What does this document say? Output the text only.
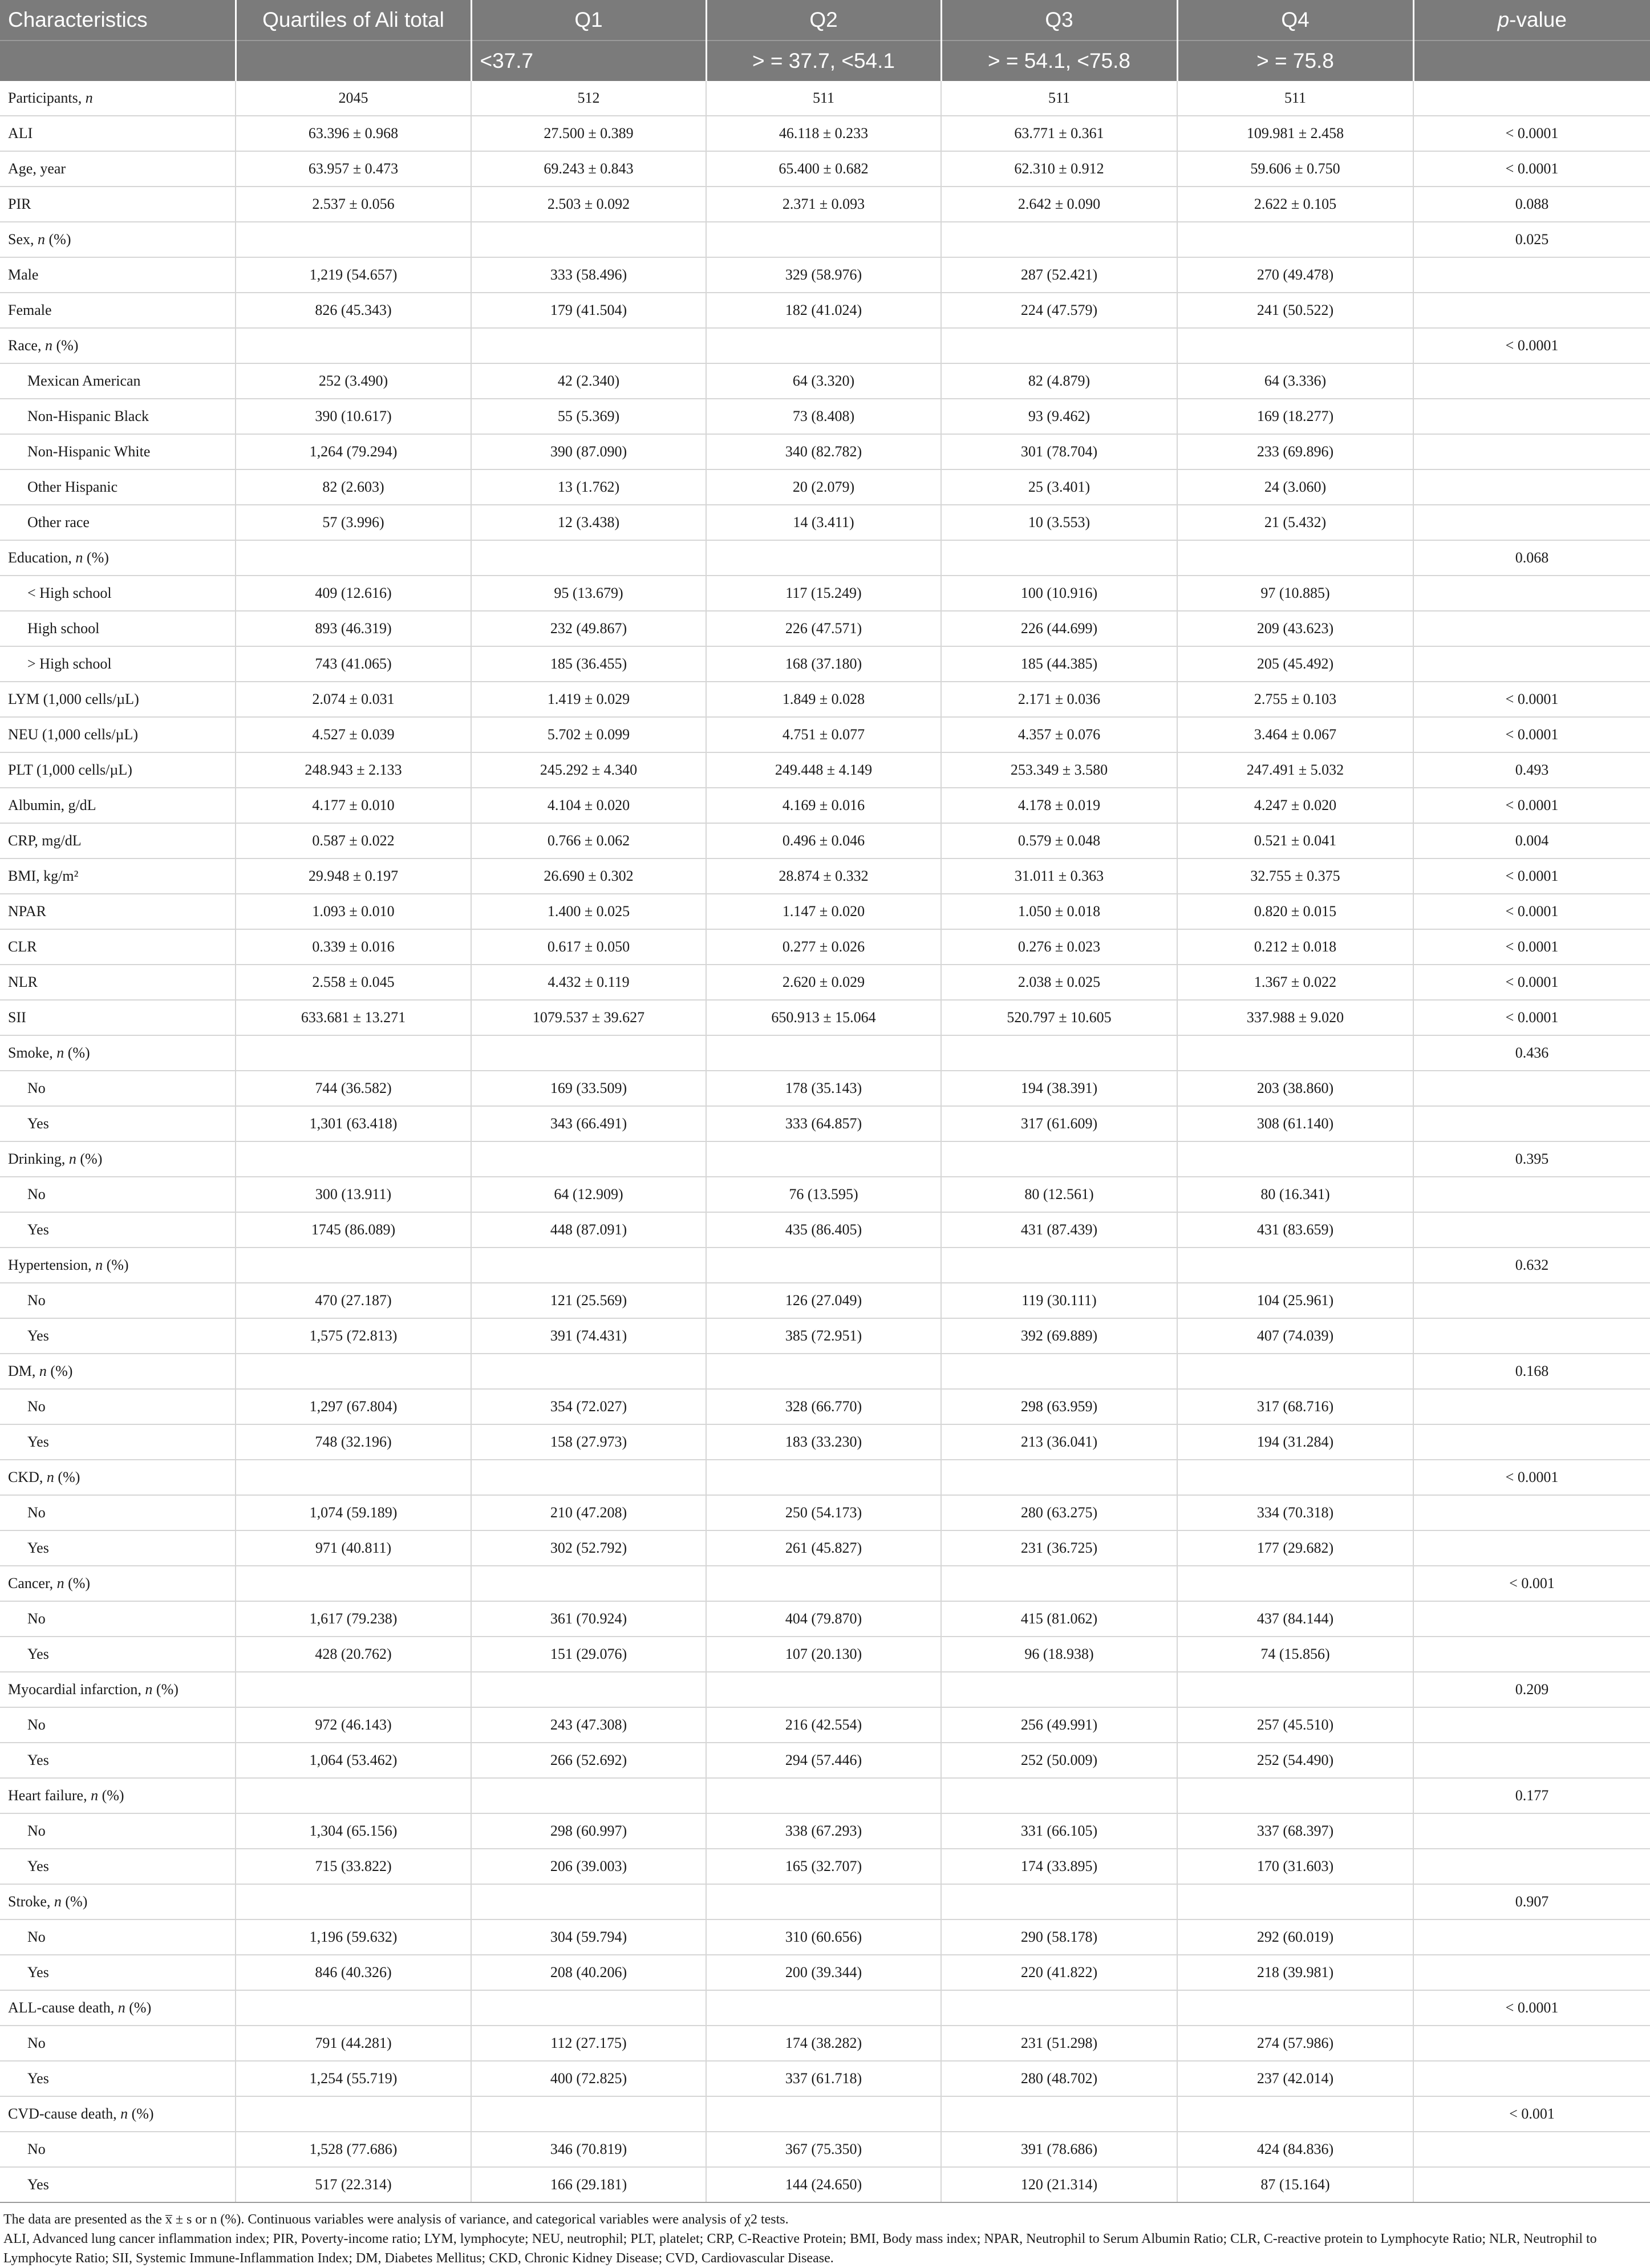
Characteristics	Quartiles of Ali total	Q1	Q2	Q3	Q4	p-value
		<37.7	> = 37.7, <54.1	> = 54.1, <75.8	> = 75.8	
Participants, n	2045	512	511	511	511	
ALI	63.396 ± 0.968	27.500 ± 0.389	46.118 ± 0.233	63.771 ± 0.361	109.981 ± 2.458	< 0.0001
Age, year	63.957 ± 0.473	69.243 ± 0.843	65.400 ± 0.682	62.310 ± 0.912	59.606 ± 0.750	< 0.0001
PIR	2.537 ± 0.056	2.503 ± 0.092	2.371 ± 0.093	2.642 ± 0.090	2.622 ± 0.105	0.088
Sex, n (%)						0.025
Male	1,219 (54.657)	333 (58.496)	329 (58.976)	287 (52.421)	270 (49.478)	
Female	826 (45.343)	179 (41.504)	182 (41.024)	224 (47.579)	241 (50.522)	
Race, n (%)						< 0.0001
Mexican American	252 (3.490)	42 (2.340)	64 (3.320)	82 (4.879)	64 (3.336)	
Non-Hispanic Black	390 (10.617)	55 (5.369)	73 (8.408)	93 (9.462)	169 (18.277)	
Non-Hispanic White	1,264 (79.294)	390 (87.090)	340 (82.782)	301 (78.704)	233 (69.896)	
Other Hispanic	82 (2.603)	13 (1.762)	20 (2.079)	25 (3.401)	24 (3.060)	
Other race	57 (3.996)	12 (3.438)	14 (3.411)	10 (3.553)	21 (5.432)	
Education, n (%)						0.068
< High school	409 (12.616)	95 (13.679)	117 (15.249)	100 (10.916)	97 (10.885)	
High school	893 (46.319)	232 (49.867)	226 (47.571)	226 (44.699)	209 (43.623)	
> High school	743 (41.065)	185 (36.455)	168 (37.180)	185 (44.385)	205 (45.492)	
LYM (1,000 cells/µL)	2.074 ± 0.031	1.419 ± 0.029	1.849 ± 0.028	2.171 ± 0.036	2.755 ± 0.103	< 0.0001
NEU (1,000 cells/µL)	4.527 ± 0.039	5.702 ± 0.099	4.751 ± 0.077	4.357 ± 0.076	3.464 ± 0.067	< 0.0001
PLT (1,000 cells/µL)	248.943 ± 2.133	245.292 ± 4.340	249.448 ± 4.149	253.349 ± 3.580	247.491 ± 5.032	0.493
Albumin, g/dL	4.177 ± 0.010	4.104 ± 0.020	4.169 ± 0.016	4.178 ± 0.019	4.247 ± 0.020	< 0.0001
CRP, mg/dL	0.587 ± 0.022	0.766 ± 0.062	0.496 ± 0.046	0.579 ± 0.048	0.521 ± 0.041	0.004
BMI, kg/m²	29.948 ± 0.197	26.690 ± 0.302	28.874 ± 0.332	31.011 ± 0.363	32.755 ± 0.375	< 0.0001
NPAR	1.093 ± 0.010	1.400 ± 0.025	1.147 ± 0.020	1.050 ± 0.018	0.820 ± 0.015	< 0.0001
CLR	0.339 ± 0.016	0.617 ± 0.050	0.277 ± 0.026	0.276 ± 0.023	0.212 ± 0.018	< 0.0001
NLR	2.558 ± 0.045	4.432 ± 0.119	2.620 ± 0.029	2.038 ± 0.025	1.367 ± 0.022	< 0.0001
SII	633.681 ± 13.271	1079.537 ± 39.627	650.913 ± 15.064	520.797 ± 10.605	337.988 ± 9.020	< 0.0001
Smoke, n (%)						0.436
No	744 (36.582)	169 (33.509)	178 (35.143)	194 (38.391)	203 (38.860)	
Yes	1,301 (63.418)	343 (66.491)	333 (64.857)	317 (61.609)	308 (61.140)	
Drinking, n (%)						0.395
No	300 (13.911)	64 (12.909)	76 (13.595)	80 (12.561)	80 (16.341)	
Yes	1745 (86.089)	448 (87.091)	435 (86.405)	431 (87.439)	431 (83.659)	
Hypertension, n (%)						0.632
No	470 (27.187)	121 (25.569)	126 (27.049)	119 (30.111)	104 (25.961)	
Yes	1,575 (72.813)	391 (74.431)	385 (72.951)	392 (69.889)	407 (74.039)	
DM, n (%)						0.168
No	1,297 (67.804)	354 (72.027)	328 (66.770)	298 (63.959)	317 (68.716)	
Yes	748 (32.196)	158 (27.973)	183 (33.230)	213 (36.041)	194 (31.284)	
CKD, n (%)						< 0.0001
No	1,074 (59.189)	210 (47.208)	250 (54.173)	280 (63.275)	334 (70.318)	
Yes	971 (40.811)	302 (52.792)	261 (45.827)	231 (36.725)	177 (29.682)	
Cancer, n (%)						< 0.001
No	1,617 (79.238)	361 (70.924)	404 (79.870)	415 (81.062)	437 (84.144)	
Yes	428 (20.762)	151 (29.076)	107 (20.130)	96 (18.938)	74 (15.856)	
Myocardial infarction, n (%)						0.209
No	972 (46.143)	243 (47.308)	216 (42.554)	256 (49.991)	257 (45.510)	
Yes	1,064 (53.462)	266 (52.692)	294 (57.446)	252 (50.009)	252 (54.490)	
Heart failure, n (%)						0.177
No	1,304 (65.156)	298 (60.997)	338 (67.293)	331 (66.105)	337 (68.397)	
Yes	715 (33.822)	206 (39.003)	165 (32.707)	174 (33.895)	170 (31.603)	
Stroke, n (%)						0.907
No	1,196 (59.632)	304 (59.794)	310 (60.656)	290 (58.178)	292 (60.019)	
Yes	846 (40.326)	208 (40.206)	200 (39.344)	220 (41.822)	218 (39.981)	
ALL-cause death, n (%)						< 0.0001
No	791 (44.281)	112 (27.175)	174 (38.282)	231 (51.298)	274 (57.986)	
Yes	1,254 (55.719)	400 (72.825)	337 (61.718)	280 (48.702)	237 (42.014)	
CVD-cause death, n (%)						< 0.001
No	1,528 (77.686)	346 (70.819)	367 (75.350)	391 (78.686)	424 (84.836)	
Yes	517 (22.314)	166 (29.181)	144 (24.650)	120 (21.314)	87 (15.164)	
The data are presented as the x̅ ± s or n (%). Continuous variables were analysis of variance, and categorical variables were analysis of χ2 tests.
ALI, Advanced lung cancer inflammation index; PIR, Poverty-income ratio; LYM, lymphocyte; NEU, neutrophil; PLT, platelet; CRP, C-Reactive Protein; BMI, Body mass index; NPAR, Neutrophil to Serum Albumin Ratio; CLR, C-reactive protein to Lymphocyte Ratio; NLR, Neutrophil to Lymphocyte Ratio; SII, Systemic Immune-Inflammation Index; DM, Diabetes Mellitus; CKD, Chronic Kidney Disease; CVD, Cardiovascular Disease.
